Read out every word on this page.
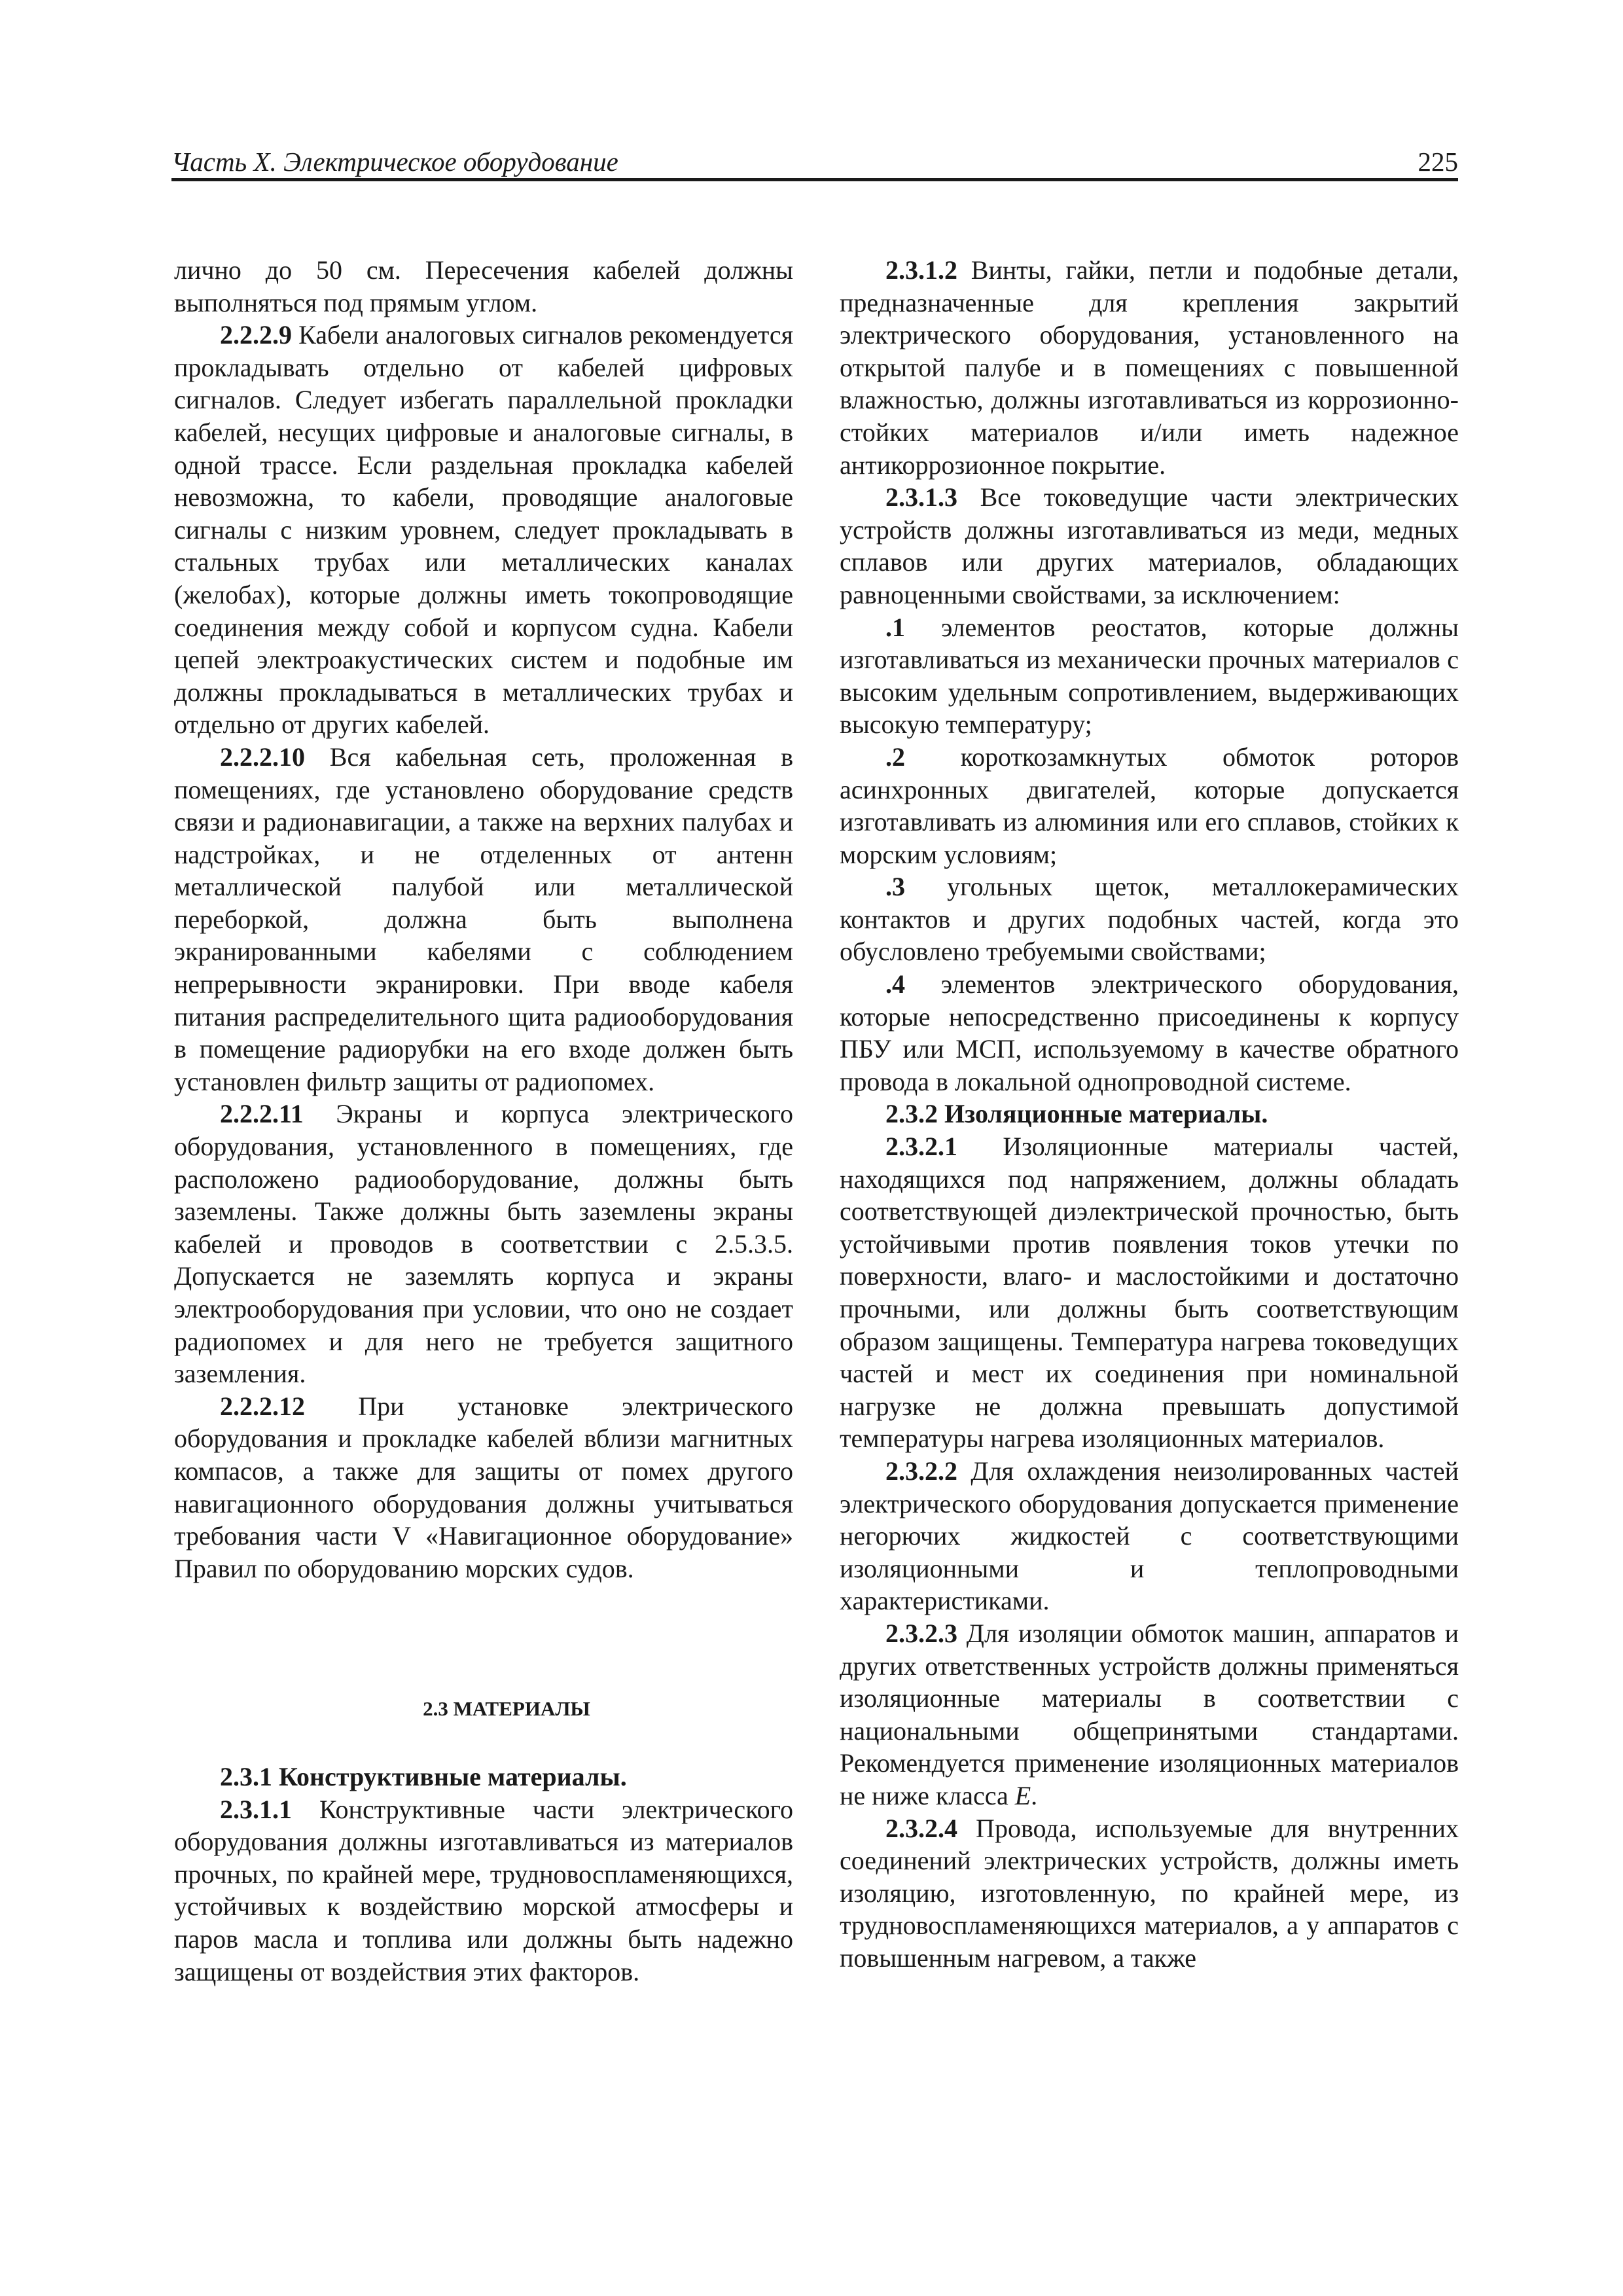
Часть X. Электрическое оборудование	225

лично до 50 см. Пересечения кабелей должны выполняться под прямым углом.

2.2.2.9 Кабели аналоговых сигналов рекомендуется прокладывать отдельно от кабелей цифровых сигналов. Следует избегать параллельной прокладки кабелей, несущих цифровые и аналоговые сигналы, в одной трассе. Если раздельная прокладка кабелей невозможна, то кабели, проводящие аналоговые сигналы с низким уровнем, следует прокладывать в стальных трубах или металлических каналах (желобах), которые должны иметь токопроводящие соединения между собой и корпусом судна. Кабели цепей электроакустических систем и подобные им должны прокладываться в металлических трубах и отдельно от других кабелей.

2.2.2.10 Вся кабельная сеть, проложенная в помещениях, где установлено оборудование средств связи и радионавигации, а также на верхних палубах и надстройках, и не отделенных от антенн металлической палубой или металлической переборкой, должна быть выполнена экранированными кабелями с соблюдением непрерывности экранировки. При вводе кабеля питания распределительного щита радиооборудования в помещение радиорубки на его входе должен быть установлен фильтр защиты от радиопомех.

2.2.2.11 Экраны и корпуса электрического оборудования, установленного в помещениях, где расположено радиооборудование, должны быть заземлены. Также должны быть заземлены экраны кабелей и проводов в соответствии с 2.5.3.5. Допускается не заземлять корпуса и экраны электрооборудования при условии, что оно не создает радиопомех и для него не требуется защитного заземления.

2.2.2.12 При установке электрического оборудования и прокладке кабелей вблизи магнитных компасов, а также для защиты от помех другого навигационного оборудования должны учитываться требования части V «Навигационное оборудование» Правил по оборудованию морских судов.

2.3 МАТЕРИАЛЫ

2.3.1 Конструктивные материалы.

2.3.1.1 Конструктивные части электрического оборудования должны изготавливаться из материалов прочных, по крайней мере, трудновоспламеняющихся, устойчивых к воздействию морской атмосферы и паров масла и топлива или должны быть надежно защищены от воздействия этих факторов.

2.3.1.2 Винты, гайки, петли и подобные детали, предназначенные для крепления закрытий электрического оборудования, установленного на открытой палубе и в помещениях с повышенной влажностью, должны изготавливаться из коррозионно-стойких материалов и/или иметь надежное антикоррозионное покрытие.

2.3.1.3 Все токоведущие части электрических устройств должны изготавливаться из меди, медных сплавов или других материалов, обладающих равноценными свойствами, за исключением:

.1 элементов реостатов, которые должны изготавливаться из механически прочных материалов с высоким удельным сопротивлением, выдерживающих высокую температуру;

.2 короткозамкнутых обмоток роторов асинхронных двигателей, которые допускается изготавливать из алюминия или его сплавов, стойких к морским условиям;

.3 угольных щеток, металлокерамических контактов и других подобных частей, когда это обусловлено требуемыми свойствами;

.4 элементов электрического оборудования, которые непосредственно присоединены к корпусу ПБУ или МСП, используемому в качестве обратного провода в локальной однопроводной системе.

2.3.2 Изоляционные материалы.

2.3.2.1 Изоляционные материалы частей, находящихся под напряжением, должны обладать соответствующей диэлектрической прочностью, быть устойчивыми против появления токов утечки по поверхности, влаго- и маслостойкими и достаточно прочными, или должны быть соответствующим образом защищены. Температура нагрева токоведущих частей и мест их соединения при номинальной нагрузке не должна превышать допустимой температуры нагрева изоляционных материалов.

2.3.2.2 Для охлаждения неизолированных частей электрического оборудования допускается применение негорючих жидкостей с соответствующими изоляционными и теплопроводными характеристиками.

2.3.2.3 Для изоляции обмоток машин, аппаратов и других ответственных устройств должны применяться изоляционные материалы в соответствии с национальными общепринятыми стандартами. Рекомендуется применение изоляционных материалов не ниже класса E.

2.3.2.4 Провода, используемые для внутренних соединений электрических устройств, должны иметь изоляцию, изготовленную, по крайней мере, из трудновоспламеняющихся материалов, а у аппаратов с повышенным нагревом, а также
